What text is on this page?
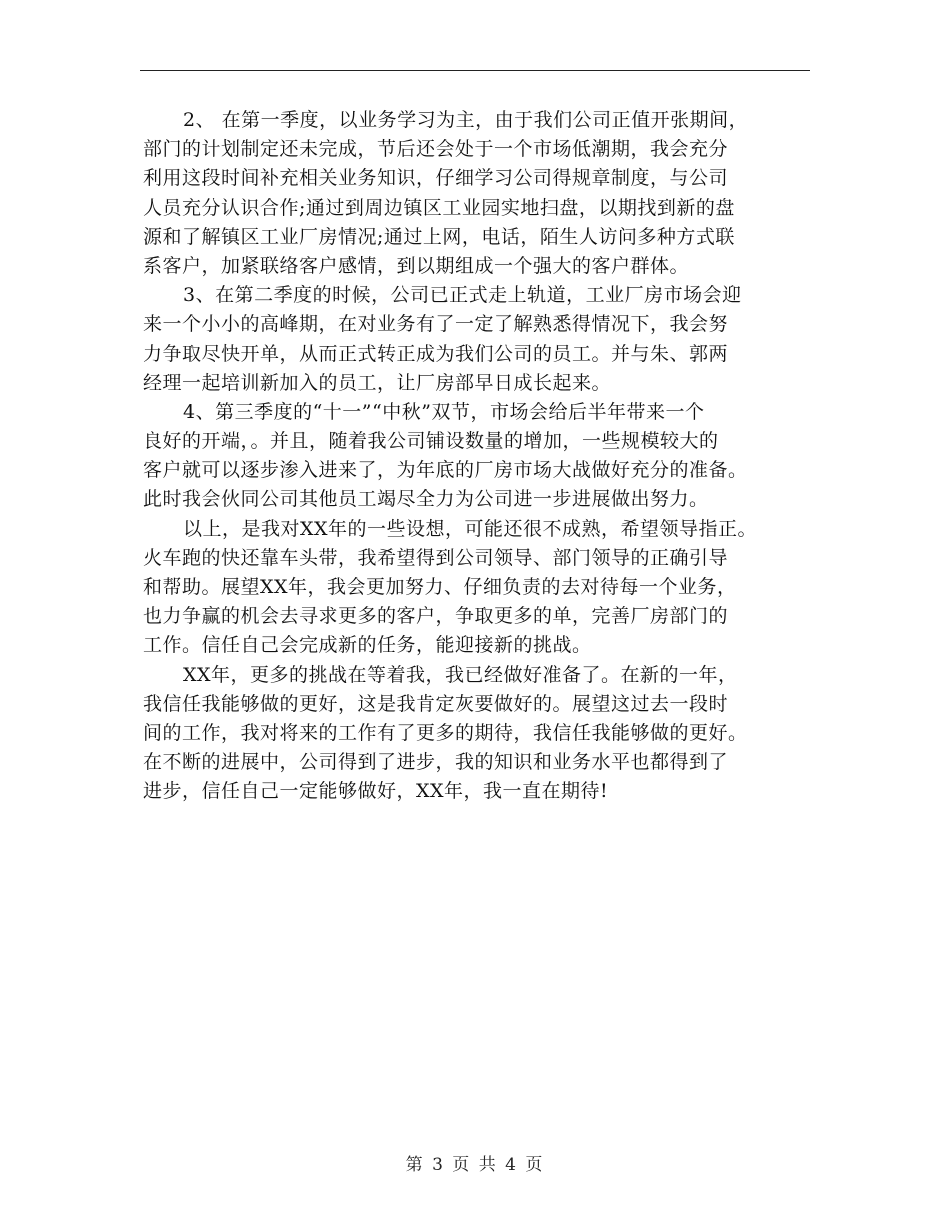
2、 在第一季度，以业务学习为主，由于我们公司正值开张期间，
部门的计划制定还未完成，节后还会处于一个市场低潮期，我会充分
利用这段时间补充相关业务知识，仔细学习公司得规章制度，与公司
人员充分认识合作;通过到周边镇区工业园实地扫盘，以期找到新的盘
源和了解镇区工业厂房情况;通过上网，电话，陌生人访问多种方式联
系客户，加紧联络客户感情，到以期组成一个强大的客户群体。
3、在第二季度的时候，公司已正式走上轨道，工业厂房市场会迎
来一个小小的高峰期，在对业务有了一定了解熟悉得情况下，我会努
力争取尽快开单，从而正式转正成为我们公司的员工。并与朱、郭两
经理一起培训新加入的员工，让厂房部早日成长起来。
4、第三季度的“十一”“中秋”双节，市场会给后半年带来一个
良好的开端，。并且，随着我公司铺设数量的增加，一些规模较大的
客户就可以逐步渗入进来了，为年底的厂房市场大战做好充分的准备。
此时我会伙同公司其他员工竭尽全力为公司进一步进展做出努力。
以上，是我对XX年的一些设想，可能还很不成熟，希望领导指正。
火车跑的快还靠车头带，我希望得到公司领导、部门领导的正确引导
和帮助。展望XX年，我会更加努力、仔细负责的去对待每一个业务，
也力争赢的机会去寻求更多的客户，争取更多的单，完善厂房部门的
工作。信任自己会完成新的任务，能迎接新的挑战。
XX年，更多的挑战在等着我，我已经做好准备了。在新的一年，
我信任我能够做的更好，这是我肯定灰要做好的。展望这过去一段时
间的工作，我对将来的工作有了更多的期待，我信任我能够做的更好。
在不断的进展中，公司得到了进步，我的知识和业务水平也都得到了
进步，信任自己一定能够做好，XX年，我一直在期待!
第 3 页 共 4 页
